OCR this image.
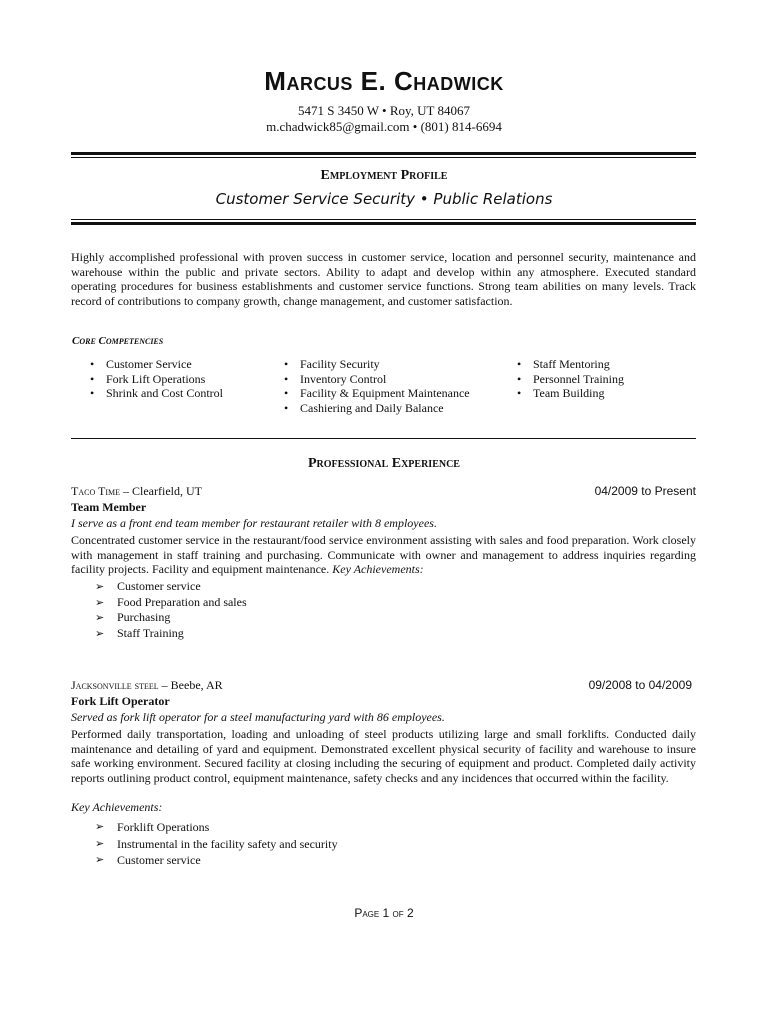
Marcus E. Chadwick
5471 S 3450 W • Roy, UT 84067
m.chadwick85@gmail.com • (801) 814-6694
Employment Profile
Customer Service Security • Public Relations
Highly accomplished professional with proven success in customer service, location and personnel security, maintenance and warehouse within the public and private sectors. Ability to adapt and develop within any atmosphere. Executed standard operating procedures for business establishments and customer service functions. Strong team abilities on many levels. Track record of contributions to company growth, change management, and customer satisfaction.
Core Competencies
• Customer Service
• Fork Lift Operations
• Shrink and Cost Control
• Facility Security
• Inventory Control
• Facility & Equipment Maintenance
• Cashiering and Daily Balance
• Staff Mentoring
• Personnel Training
• Team Building
Professional Experience
Taco Time – Clearfield, UT	04/2009 to Present
Team Member
I serve as a front end team member for restaurant retailer with 8 employees.
Concentrated customer service in the restaurant/food service environment assisting with sales and food preparation. Work closely with management in staff training and purchasing. Communicate with owner and management to address inquiries regarding facility projects. Facility and equipment maintenance. Key Achievements:
➢ Customer service
➢ Food Preparation and sales
➢ Purchasing
➢ Staff Training
Jacksonville steel – Beebe, AR	09/2008 to 04/2009
Fork Lift Operator
Served as fork lift operator for a steel manufacturing yard with 86 employees.
Performed daily transportation, loading and unloading of steel products utilizing large and small forklifts. Conducted daily maintenance and detailing of yard and equipment. Demonstrated excellent physical security of facility and warehouse to insure safe working environment. Secured facility at closing including the securing of equipment and product. Completed daily activity reports outlining product control, equipment maintenance, safety checks and any incidences that occurred within the facility.
Key Achievements:
➢ Forklift Operations
➢ Instrumental in the facility safety and security
➢ Customer service
Page 1 of 2
